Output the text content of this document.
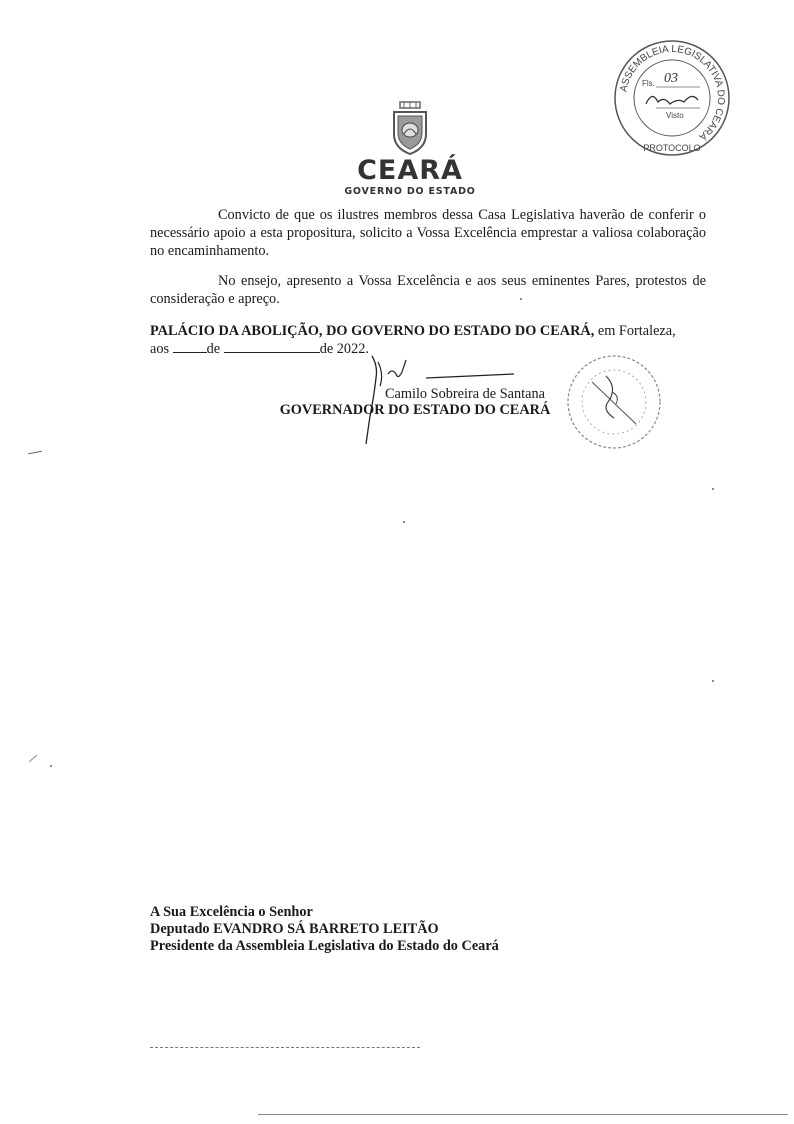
CEARÁ
GOVERNO DO ESTADO
ASSEMBLEIA LEGISLATIVA DO CEARÁ
PROTOCOLO
Fls. 03
Visto
Convicto de que os ilustres membros dessa Casa Legislativa haverão de conferir o necessário apoio a esta propositura, solicito a Vossa Excelência emprestar a valiosa colaboração no encaminhamento.
No ensejo, apresento a Vossa Excelência e aos seus eminentes Pares, protestos de consideração e apreço.
PALÁCIO DA ABOLIÇÃO, DO GOVERNO DO ESTADO DO CEARÁ, em Fortaleza,
aos	de	de 2022.
Camilo Sobreira de Santana
GOVERNADOR DO ESTADO DO CEARÁ
A Sua Excelência o Senhor
Deputado EVANDRO SÁ BARRETO LEITÃO
Presidente da Assembleia Legislativa do Estado do Ceará
